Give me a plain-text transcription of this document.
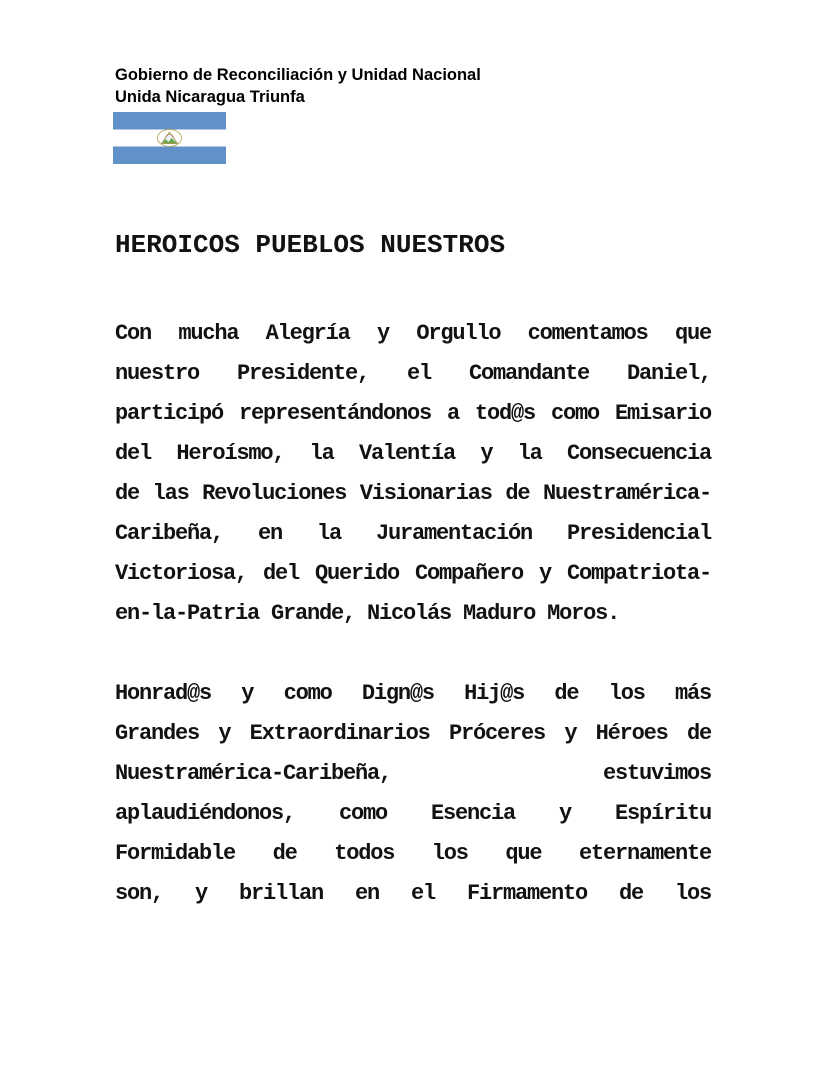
Gobierno de Reconciliación y Unidad Nacional
Unida Nicaragua Triunfa
HEROICOS PUEBLOS NUESTROS
Con mucha Alegría y Orgullo comentamos que
nuestro Presidente, el Comandante Daniel,
participó representándonos a tod@s como Emisario
del Heroísmo, la Valentía y la Consecuencia
de las Revoluciones Visionarias de Nuestramérica-
Caribeña, en la Juramentación Presidencial
Victoriosa, del Querido Compañero y Compatriota-
en-la-Patria Grande, Nicolás Maduro Moros.
Honrad@s y como Dign@s Hij@s de los más
Grandes y Extraordinarios Próceres y Héroes de
Nuestramérica-Caribeña, estuvimos
aplaudiéndonos, como Esencia y Espíritu
Formidable de todos los que eternamente
son, y brillan en el Firmamento de los
